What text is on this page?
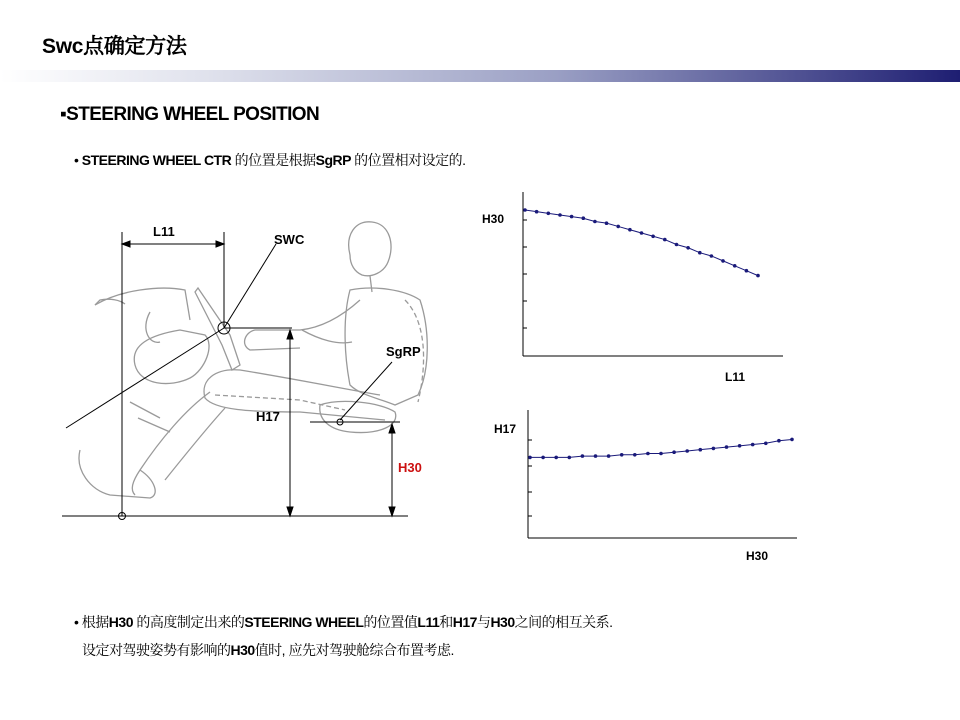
Swc点确定方法
▪STEERING WHEEL POSITION
• STEERING WHEEL CTR 的位置是根据SgRP 的位置相对设定的.
• 根据H30 的高度制定出来的STEERING WHEEL的位置值L11和H17与H30之间的相互关系.
设定对驾驶姿势有影响的H30值时, 应先对驾驶舱综合布置考虑.
L11
SWC
SgRP
H17
H30
H30
L11
H17
H30
